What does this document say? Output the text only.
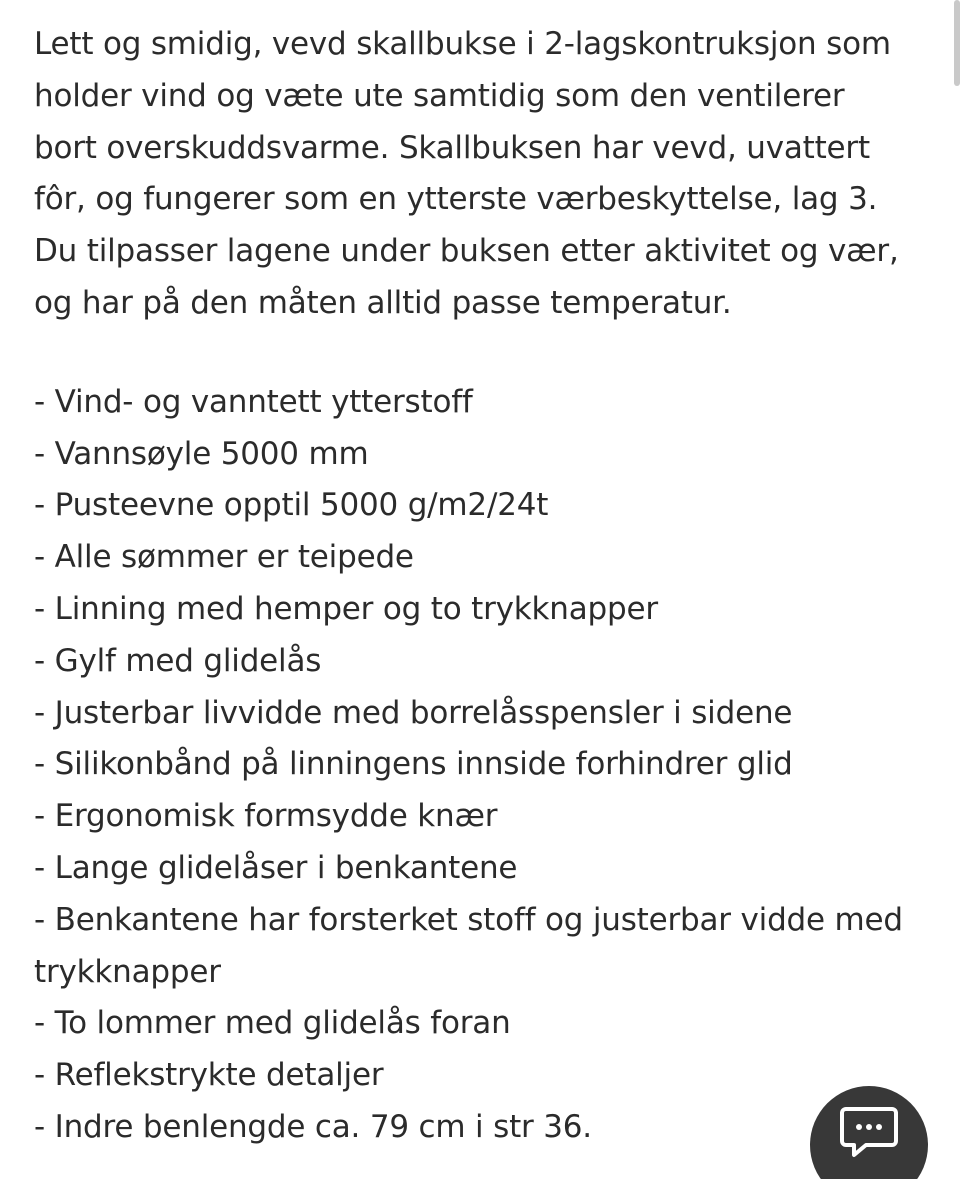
Lett og smidig, vevd skallbukse i 2-lagskontruksjon som

holder vind og væte ute samtidig som den ventilerer

bort overskuddsvarme. Skallbuksen har vevd, uvattert

fôr, og fungerer som en ytterste værbeskyttelse, lag 3.

Du tilpasser lagene under buksen etter aktivitet og vær,

og har på den måten alltid passe temperatur.

- Vind- og vanntett ytterstoff
- Vannsøyle 5000 mm
- Pusteevne opptil 5000 g/m2/24t
- Alle sømmer er teipede
- Linning med hemper og to trykknapper
- Gylf med glidelås
- Justerbar livvidde med borrelåsspensler i sidene
- Silikonbånd på linningens innside forhindrer glid
- Ergonomisk formsydde knær
- Lange glidelåser i benkantene
- Benkantene har forsterket stoff og justerbar vidde med
trykknapper
- To lommer med glidelås foran
- Reflekstrykte detaljer
- Indre benlengde ca. 79 cm i str 36.
